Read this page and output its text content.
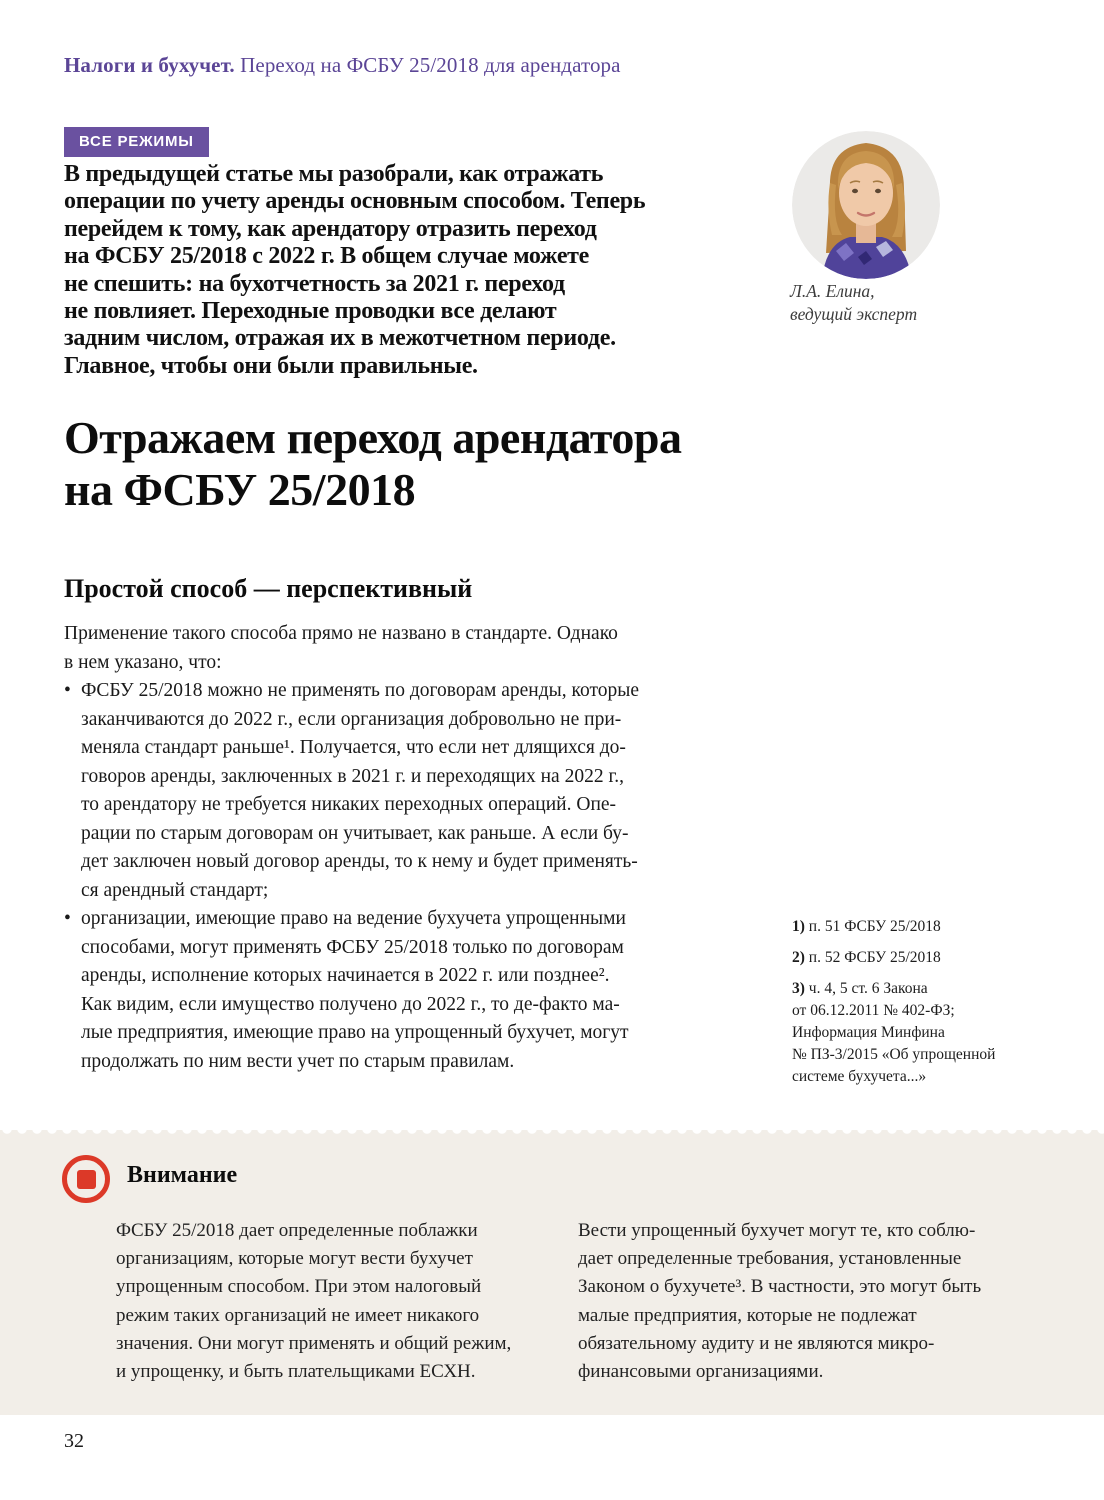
Налоги и бухучет. Переход на ФСБУ 25/2018 для арендатора
ВСЕ РЕЖИМЫ
В предыдущей статье мы разобрали, как отражать
операции по учету аренды основным способом. Теперь
перейдем к тому, как арендатору отразить переход
на ФСБУ 25/2018 с 2022 г. В общем случае можете
не спешить: на бухотчетность за 2021 г. переход
не повлияет. Переходные проводки все делают
задним числом, отражая их в межотчетном периоде.
Главное, чтобы они были правильные.
Л.А. Елина,
ведущий эксперт
Отражаем переход арендатора
на ФСБУ 25/2018
Простой способ — перспективный
Применение такого способа прямо не названо в стандарте. Однако
в нем указано, что:
• ФСБУ 25/2018 можно не применять по договорам аренды, которые
заканчиваются до 2022 г., если организация добровольно не при-
меняла стандарт раньше¹. Получается, что если нет длящихся до-
говоров аренды, заключенных в 2021 г. и переходящих на 2022 г.,
то арендатору не требуется никаких переходных операций. Опе-
рации по старым договорам он учитывает, как раньше. А если бу-
дет заключен новый договор аренды, то к нему и будет применять-
ся арендный стандарт;
• организации, имеющие право на ведение бухучета упрощенными
способами, могут применять ФСБУ 25/2018 только по договорам
аренды, исполнение которых начинается в 2022 г. или позднее².
Как видим, если имущество получено до 2022 г., то де-факто ма-
лые предприятия, имеющие право на упрощенный бухучет, могут
продолжать по ним вести учет по старым правилам.
1) п. 51 ФСБУ 25/2018
2) п. 52 ФСБУ 25/2018
3) ч. 4, 5 ст. 6 Закона
от 06.12.2011 № 402-ФЗ;
Информация Минфина
№ ПЗ-3/2015 «Об упрощенной
системе бухучета...»
Внимание
ФСБУ 25/2018 дает определенные поблажки
организациям, которые могут вести бухучет
упрощенным способом. При этом налоговый
режим таких организаций не имеет никакого
значения. Они могут применять и общий режим,
и упрощенку, и быть плательщиками ЕСХН.
Вести упрощенный бухучет могут те, кто соблю-
дает определенные требования, установленные
Законом о бухучете³. В частности, это могут быть
малые предприятия, которые не подлежат
обязательному аудиту и не являются микро-
финансовыми организациями.
32
